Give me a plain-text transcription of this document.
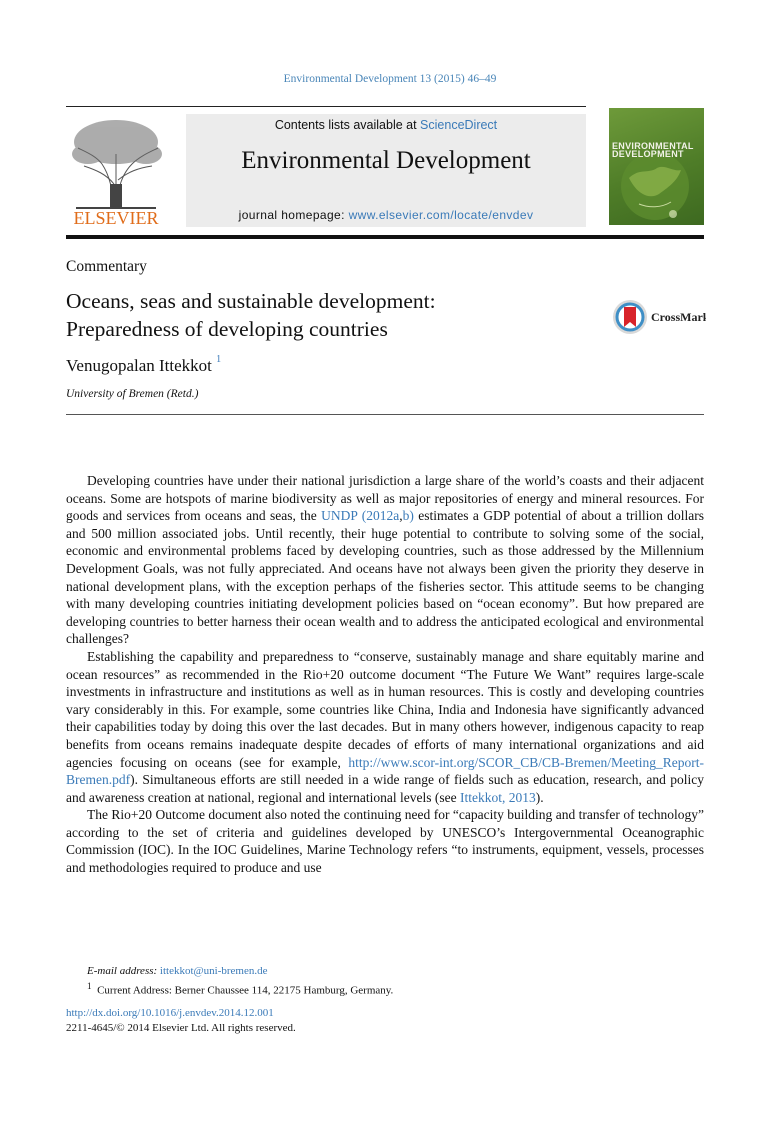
Environmental Development 13 (2015) 46–49
ELSEVIER
Contents lists available at ScienceDirect
Environmental Development
journal homepage: www.elsevier.com/locate/envdev
ENVIRONMENTAL
DEVELOPMENT
Commentary
Oceans, seas and sustainable development:
Preparedness of developing countries	CrossMark
Venugopalan Ittekkot $^1$
University of Bremen (Retd.)

Developing countries have under their national jurisdiction a large share of the world’s coasts and their adjacent oceans. Some are hotspots of marine biodiversity as well as major repositories of energy and mineral resources. For goods and services from oceans and seas, the UNDP (2012a,b) estimates a GDP potential of about a trillion dollars and 500 million associated jobs. Until recently, their huge potential to contribute to solving some of the social, economic and environmental problems faced by developing countries, such as those addressed by the Millennium Development Goals, was not fully appreciated. And oceans have not always been given the priority they deserve in national development plans, with the exception perhaps of the fisheries sector. This attitude seems to be changing with many developing countries initiating development policies based on “ocean economy”. But how prepared are developing countries to better harness their ocean wealth and to address the anticipated ecological and environmental challenges?

Establishing the capability and preparedness to “conserve, sustainably manage and share equitably marine and ocean resources” as recommended in the Rio+20 outcome document “The Future We Want” requires large-scale investments in infrastructure and institutions as well as in human resources. This is costly and developing countries vary considerably in this. For example, some countries like China, India and Indonesia have significantly advanced their capabilities today by doing this over the last decades. But in many others however, indigenous capacity to reap benefits from oceans remains inadequate despite decades of efforts of many international organizations and aid agencies focusing on oceans (see for example, http://www.scor-int.org/SCOR_CB/CB-Bremen/Meeting_Report-Bremen.pdf). Simultaneous efforts are still needed in a wide range of fields such as education, research, and policy and awareness creation at national, regional and international levels (see Ittekkot, 2013).

The Rio+20 Outcome document also noted the continuing need for “capacity building and transfer of technology” according to the set of criteria and guidelines developed by UNESCO’s Intergovernmental Oceanographic Commission (IOC). In the IOC Guidelines, Marine Technology refers “to instruments, equipment, vessels, processes and methodologies required to produce and use

E-mail address: ittekkot@uni-bremen.de
$^1$ Current Address: Berner Chaussee 114, 22175 Hamburg, Germany.
http://dx.doi.org/10.1016/j.envdev.2014.12.001
2211-4645/© 2014 Elsevier Ltd. All rights reserved.
